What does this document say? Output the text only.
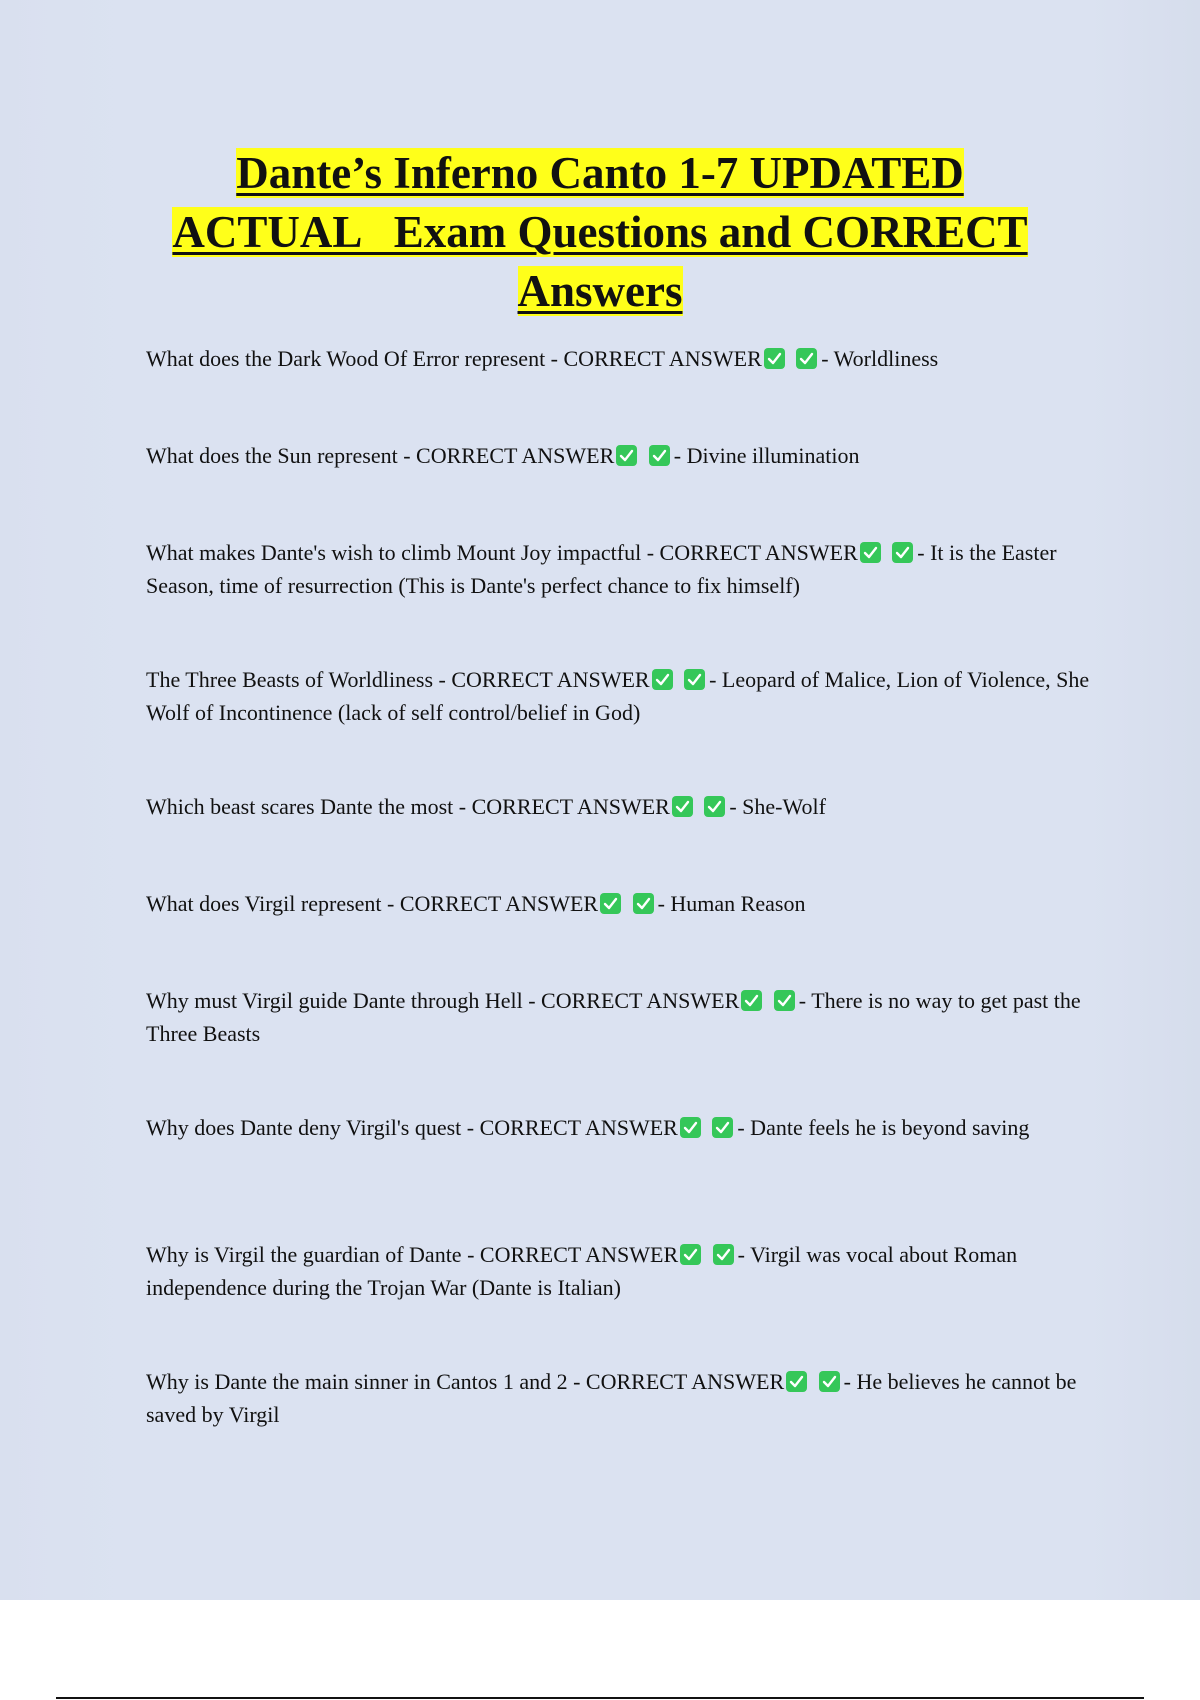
Dante’s Inferno Canto 1-7 UPDATED
ACTUAL   Exam Questions and CORRECT
Answers
What does the Dark Wood Of Error represent - CORRECT ANSWER
	- Worldliness
What does the Sun represent - CORRECT ANSWER
	- Divine illumination
What makes Dante's wish to climb Mount Joy impactful - CORRECT ANSWER
	- It is the Easter Season, time of resurrection (This is Dante's perfect chance to fix himself)
The Three Beasts of Worldliness - CORRECT ANSWER
	- Leopard of Malice, Lion of Violence, She Wolf of Incontinence (lack of self control/belief in God)
Which beast scares Dante the most - CORRECT ANSWER
	- She-Wolf
What does Virgil represent - CORRECT ANSWER
	- Human Reason
Why must Virgil guide Dante through Hell - CORRECT ANSWER
	- There is no way to get past the Three Beasts
Why does Dante deny Virgil's quest - CORRECT ANSWER
	- Dante feels he is beyond saving
Why is Virgil the guardian of Dante - CORRECT ANSWER
	- Virgil was vocal about Roman independence during the Trojan War (Dante is Italian)
Why is Dante the main sinner in Cantos 1 and 2 - CORRECT ANSWER
	- He believes he cannot be saved by Virgil
